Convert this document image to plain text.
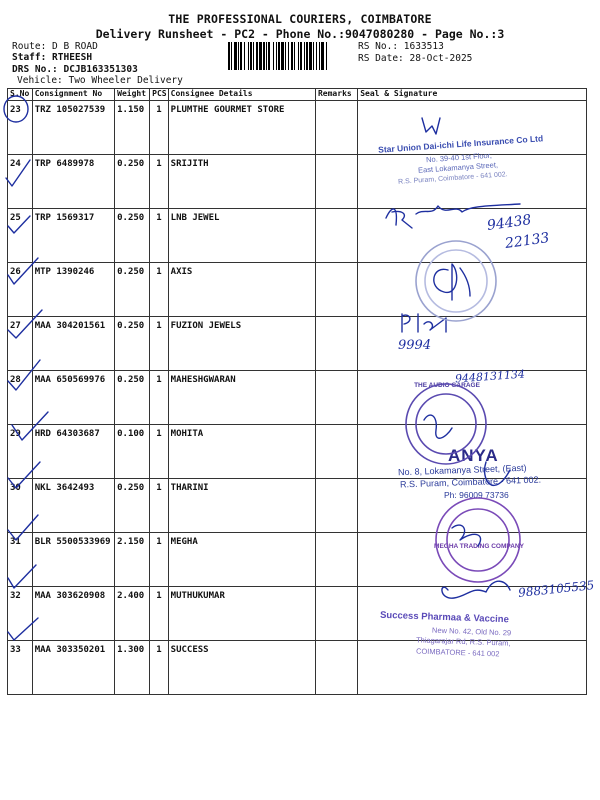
THE PROFESSIONAL COURIERS, COIMBATORE
Delivery Runsheet - PC2 - Phone No.:9047080280 - Page No.:3
Route: D B ROAD
Staff: RTHEESH
DRS No.: DCJB163351303
Vehicle: Two Wheeler Delivery
RS No.: 1633513
RS Date: 28-Oct-2025
S.No	Consignment No	Weight	PCS	Consignee Details	Remarks	Seal & Signature
23	TRZ 105027539	1.150	1	PLUMTHE GOURMET STORE		
24	TRP 6489978	0.250	1	SRIJITH		
25	TRP 1569317	0.250	1	LNB JEWEL		
26	MTP 1390246	0.250	1	AXIS		
27	MAA 304201561	0.250	1	FUZION JEWELS		
28	MAA 650569976	0.250	1	MAHESHGWARAN		
29	HRD 64303687	0.100	1	MOHITA		
30	NKL 3642493	0.250	1	THARINI		
31	BLR 5500533969	2.150	1	MEGHA		
32	MAA 303620908	2.400	1	MUTHUKUMAR		
33	MAA 303350201	1.300	1	SUCCESS		
Star Union Dai-ichi Life Insurance Co Ltd
No. 39-40 1st Floor,
East Lokamanya Street,
R.S. Puram, Coimbatore - 641 002.
94438
22133
9994
9448131134
THE AUDIO GARAGE
ANYA
No. 8, Lokamanya Street, (East)
R.S. Puram, Coimbatore - 641 002.
Ph: 96009 73736
MEGHA TRADING COMPANY
9883105535
Success Pharmaa & Vaccine
New No. 42, Old No. 29
Thiagarajar Rd, R.S. Puram,
COIMBATORE - 641 002
